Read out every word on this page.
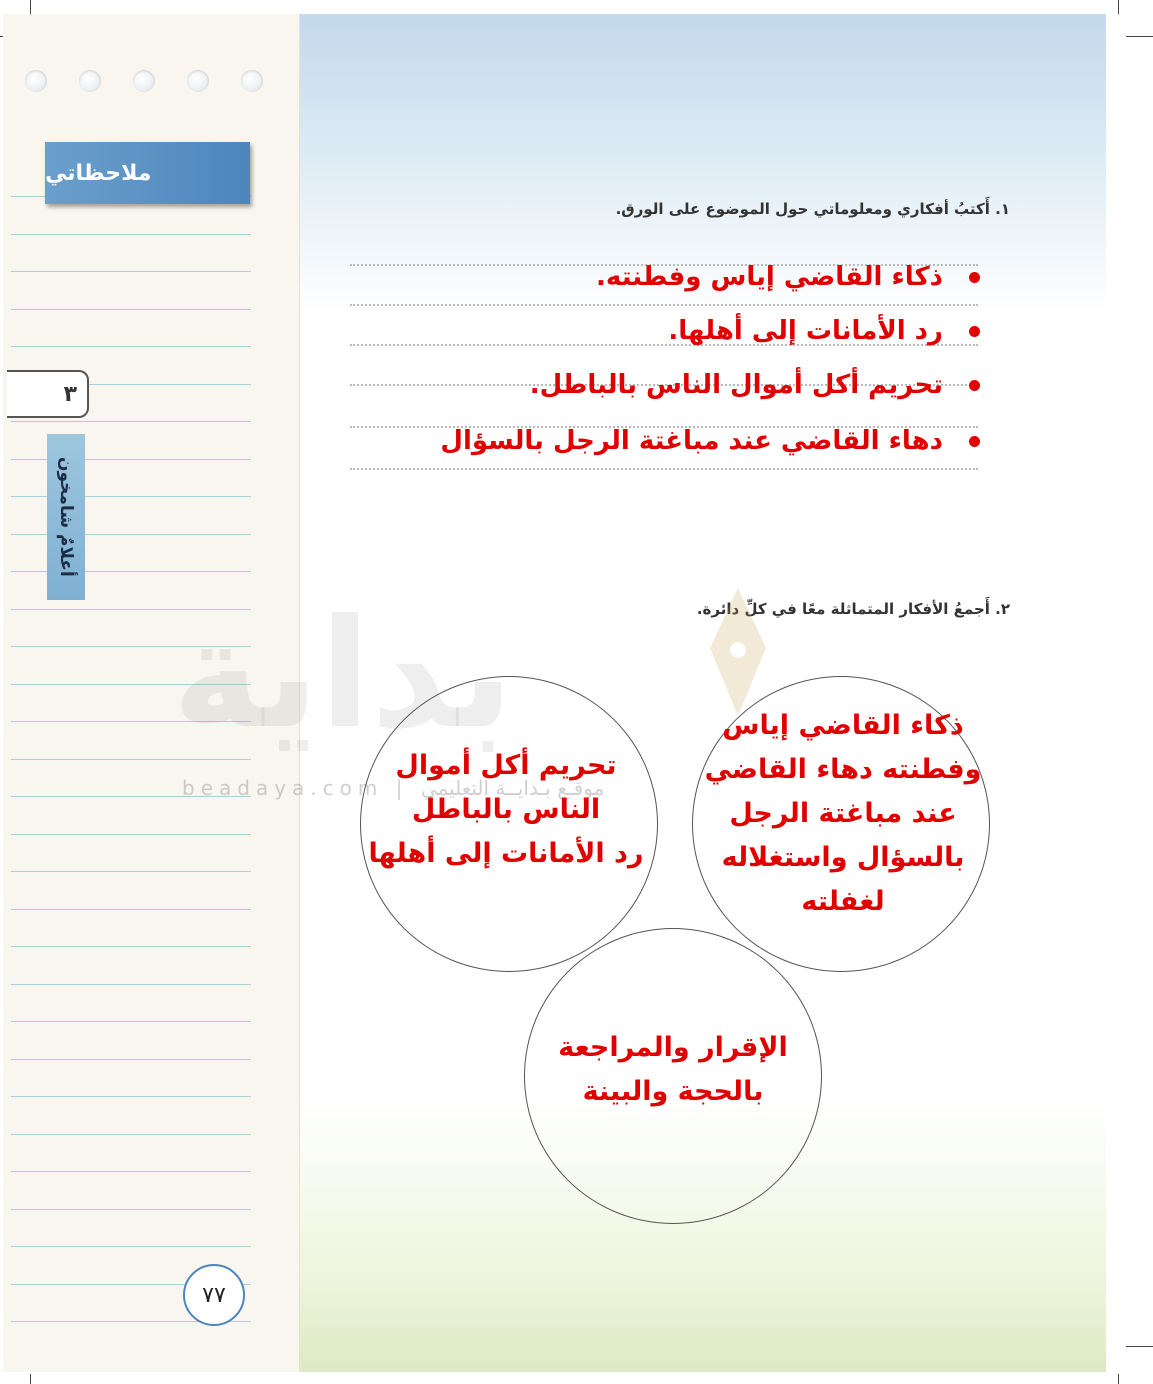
ملاحظاتي
٣
أعلامٌ شامخون
٧٧
١. أَكتبُ أفكاري ومعلوماتي حول الموضوع على الورق.
ذكاء القاضي إياس وفطنته.
رد الأمانات إلى أهلها.
تحريم أكل أموال الناس بالباطل.
دهاء القاضي عند مباغتة الرجل بالسؤال
٢. أَجمعُ الأفكار المتماثلة معًا في كلِّ دائرة.
بداية
beadaya.com | موقـع بـدايــة التعليمي
ذكاء القاضي إياس
وفطنته دهاء القاضي
عند مباغتة الرجل
بالسؤال واستغلاله
لغفلته
تحريم أكل أموال
الناس بالباطل
رد الأمانات إلى أهلها
الإقرار والمراجعة
بالحجة والبينة
